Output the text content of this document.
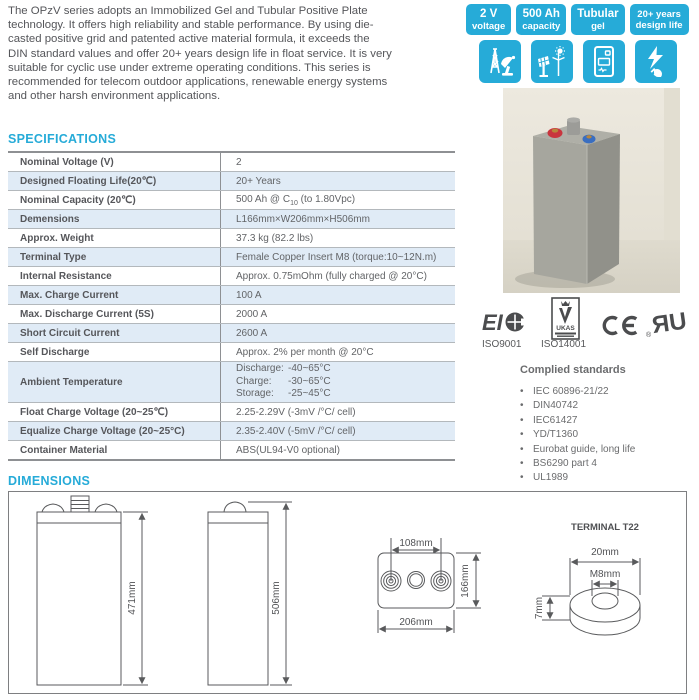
The OPzV series adopts an Immobilized Gel and Tubular Positive Plate
technology. It offers high reliability and stable performance. By using die-
casted positive grid and patented active material formula, it exceeds the
DIN standard values and offer 20+ years design life in float service. It is very
suitable for cyclic use under extreme operating conditions. This series is
recommended for telecom outdoor applications, renewable energy systems
and other harsh environment applications.
2 V
voltage
500 Ah
capacity
Tubular
gel
20+ years
design life
SPECIFICATIONS
Nominal Voltage (V)	2
Designed Floating Life(20℃)	20+ Years
Nominal Capacity (20℃)	500 Ah @ $C_{10}$ (to 1.80Vpc)
Demensions	L166mm×W206mm×H506mm
Approx. Weight	37.3 kg (82.2 lbs)
Terminal Type	Female Copper Insert M8 (torque:10~12N.m)
Internal Resistance	Approx. 0.75mOhm (fully charged @ 20°C)
Max. Charge Current	100 A
Max. Discharge Current (5S)	2000 A
Short Circuit Current	2600 A
Self Discharge	Approx. 2% per month @ 20°C
Ambient Temperature
Discharge: -40~65°C
Charge: -30~65°C
Storage: -25~45°C
Float Charge Voltage (20~25℃)	2.25-2.29V (-3mV /°C/ cell)
Equalize Charge Voltage (20~25°C)	2.35-2.40V (-5mV /°C/ cell)
Container Material	ABS(UL94-V0 optional)
EI	UKAS	ЯU
®
ISO9001 ISO14001
Complied standards
• IEC 60896-21/22
• DIN40742
• IEC61427
• YD/T1360
• Eurobat guide, long life
• BS6290 part 4
• UL1989
DIMENSIONS
471mm	506mm
108mm
166mm
206mm
TERMINAL T22
20mm
M8mm
7mm
